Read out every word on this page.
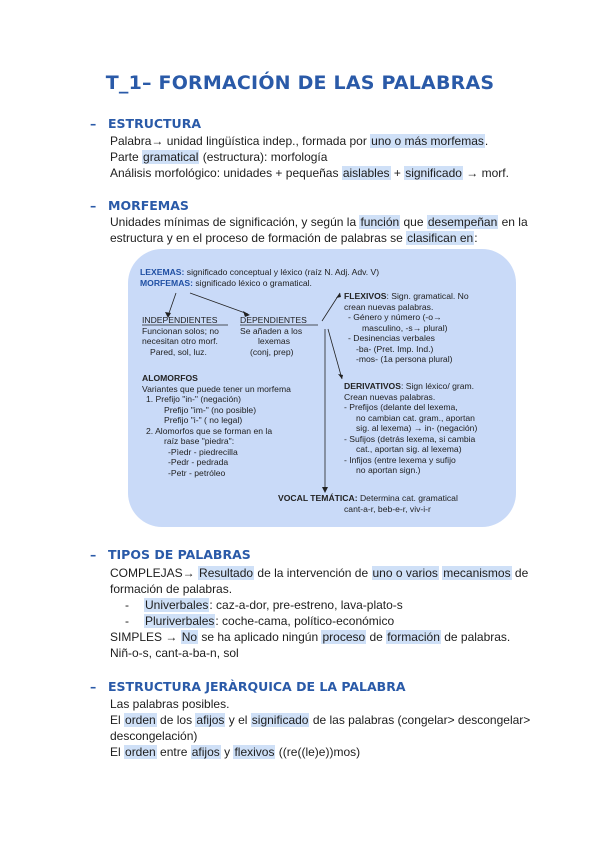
T_1– FORMACIÓN DE LAS PALABRAS
– ESTRUCTURA
Palabra→ unidad lingüística indep., formada por uno o más morfemas.
Parte gramatical (estructura): morfología
Análisis morfológico: unidades + pequeñas aislables + significado → morf.
– MORFEMAS
Unidades mínimas de significación, y según la función que desempeñan en la
estructura y en el proceso de formación de palabras se clasifican en:
LEXEMAS: significado conceptual y léxico (raíz N. Adj. Adv. V)
MORFEMAS: significado léxico o gramatical.
INDEPENDIENTES
Funcionan solos; no
necesitan otro morf.
Pared, sol, luz.
DEPENDIENTES
Se añaden a los
lexemas
(conj, prep)
ALOMORFOS
Variantes que puede tener un morfema
1. Prefijo "in-" (negación)
Prefijo "im-" (no posible)
Prefijo "i-" ( no legal)
2. Alomorfos que se forman en la
raíz base "piedra":
-Pìedr - piedrecilla
-Pedr - pedrada
-Petr - petróleo
FLEXIVOS: Sign. gramatical. No
crean nuevas palabras.
- Género y número (-o→
masculino, -s→ plural)
- Desinencias verbales
-ba- (Pret. Imp. Ind.)
-mos- (1a persona plural)
DERIVATIVOS: Sign léxico/ gram.
Crean nuevas palabras.
- Prefijos (delante del lexema,
no cambian cat. gram., aportan
sig. al lexema) → in- (negación)
- Sufijos (detrás lexema, si cambia
cat., aportan sig. al lexema)
- Infijos (entre lexema y sufijo
no aportan sign.)
VOCAL TEMÁTICA: Determina cat. gramatical
cant-a-r, beb-e-r, viv-i-r
– TIPOS DE PALABRAS
COMPLEJAS→ Resultado de la intervención de uno o varios mecanismos de
formación de palabras.
- Univerbales: caz-a-dor, pre-estreno, lava-plato-s
- Pluriverbales: coche-cama, político-económico
SIMPLES → No se ha aplicado ningún proceso de formación de palabras.
Niñ-o-s, cant-a-ba-n, sol
– ESTRUCTURA JERÀRQUICA DE LA PALABRA
Las palabras posibles.
El orden de los afijos y el significado de las palabras (congelar> descongelar>
descongelación)
El orden entre afijos y flexivos ((re((le)e))mos)
